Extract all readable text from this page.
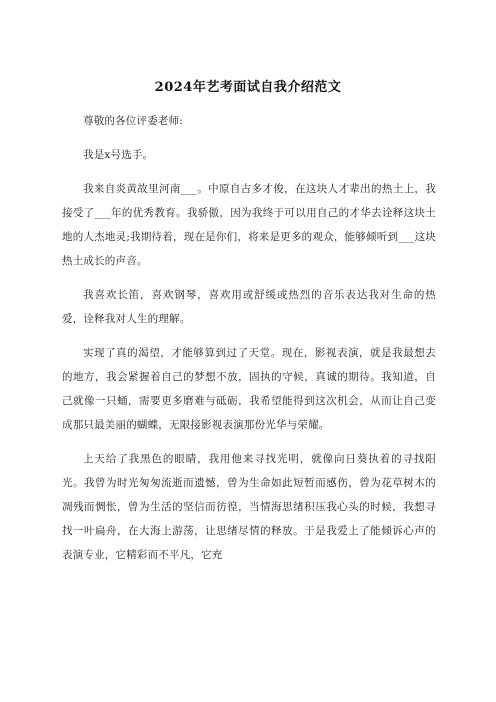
2024年艺考面试自我介绍范文

尊敬的各位评委老师:

我是x号选手。

我来自炎黄故里河南___。中原自古多才俊，在这块人才辈出的热土上，我接受了___年的优秀教育。我骄傲，因为我终于可以用自己的才华去诠释这块土地的人杰地灵;我期待着，现在是你们，将来是更多的观众，能够倾听到___这块热土成长的声音。

我喜欢长笛，喜欢钢琴，喜欢用或舒缓或热烈的音乐表达我对生命的热爱，诠释我对人生的理解。

实现了真的渴望，才能够算到过了天堂。现在，影视表演，就是我最想去的地方，我会紧握着自己的梦想不放，固执的守候，真诚的期待。我知道，自己就像一只蛹，需要更多磨难与砥砺，我希望能得到这次机会，从而让自己变成那只最美丽的蝴蝶，无限接影视表演那份光华与荣耀。

上天给了我黑色的眼睛，我用他来寻找光明，就像向日葵执着的寻找阳光。我曾为时光匆匆流逝而遗憾，曾为生命如此短暂而感伤，曾为花草树木的凋残而惆怅，曾为生活的坚信而彷徨，当情海思绪积压我心头的时候，我想寻找一叶扁舟，在大海上游荡，让思绪尽情的释放。于是我爱上了能倾诉心声的表演专业，它精彩而不平凡，它充
